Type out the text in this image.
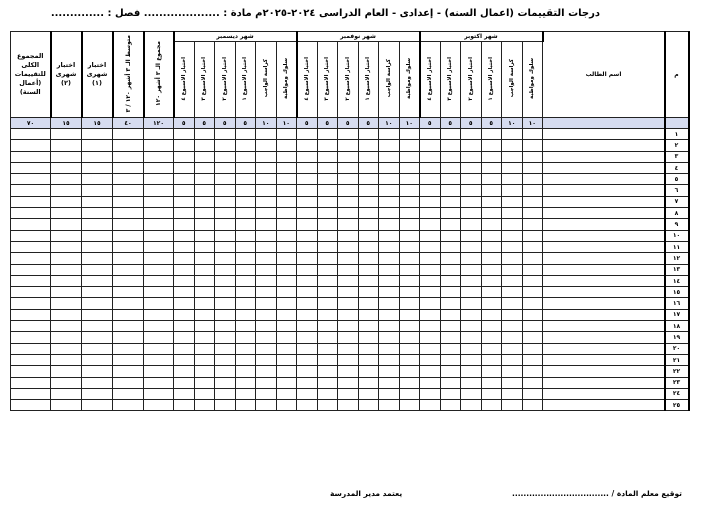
درجات التقييمات (اعمال السنه) - إعدادى - العام الدراسى ٢٠٢٤-٢٠٢٥م مادة : .................... فصل : ..............
م	اسم الطالب	شهر اكتوبر						شهر نوفمبر						شهر ديسمبر						مجموع الـ ٣ أشهر ١٢٠	متوسط الـ ٣ أشهر ١٢٠ / ٣	اختبار شهرى (١)	اختبار شهرى (٢)	المجموع الكلى للتقييمات (أعمال السنة)

		سلوك ومواظبة	كراسة الواجب	اختبار الاسبوع ١	اختبار الاسبوع ٢	اختبار الاسبوع ٣	اختبار الاسبوع ٤	سلوك ومواظبة	كراسة الواجب	اختبار الاسبوع ١	اختبار الاسبوع ٢	اختبار الاسبوع ٣	اختبار الاسبوع ٤	سلوك ومواظبة	كراسة الواجب	اختبار الاسبوع ١	اختبار الاسبوع ٢	اختبار الاسبوع ٣	اختبار الاسبوع ٤					
		١٠	١٠	٥	٥	٥	٥	١٠	١٠	٥	٥	٥	٥	١٠	١٠	٥	٥	٥	٥	١٢٠	٤٠	١٥	١٥	٧٠
١																								
٢																								
٣																								
٤																								
٥																								
٦																								
٧																								
٨																								
٩																								
١٠																								
١١																								
١٢																								
١٣																								
١٤																								
١٥																								
١٦																								
١٧																								
١٨																								
١٩																								
٢٠																								
٢١																								
٢٢																								
٢٣																								
٢٤																								
٢٥																								
توقيع معلم المادة / ..................................
يعتمد مدير المدرسة
